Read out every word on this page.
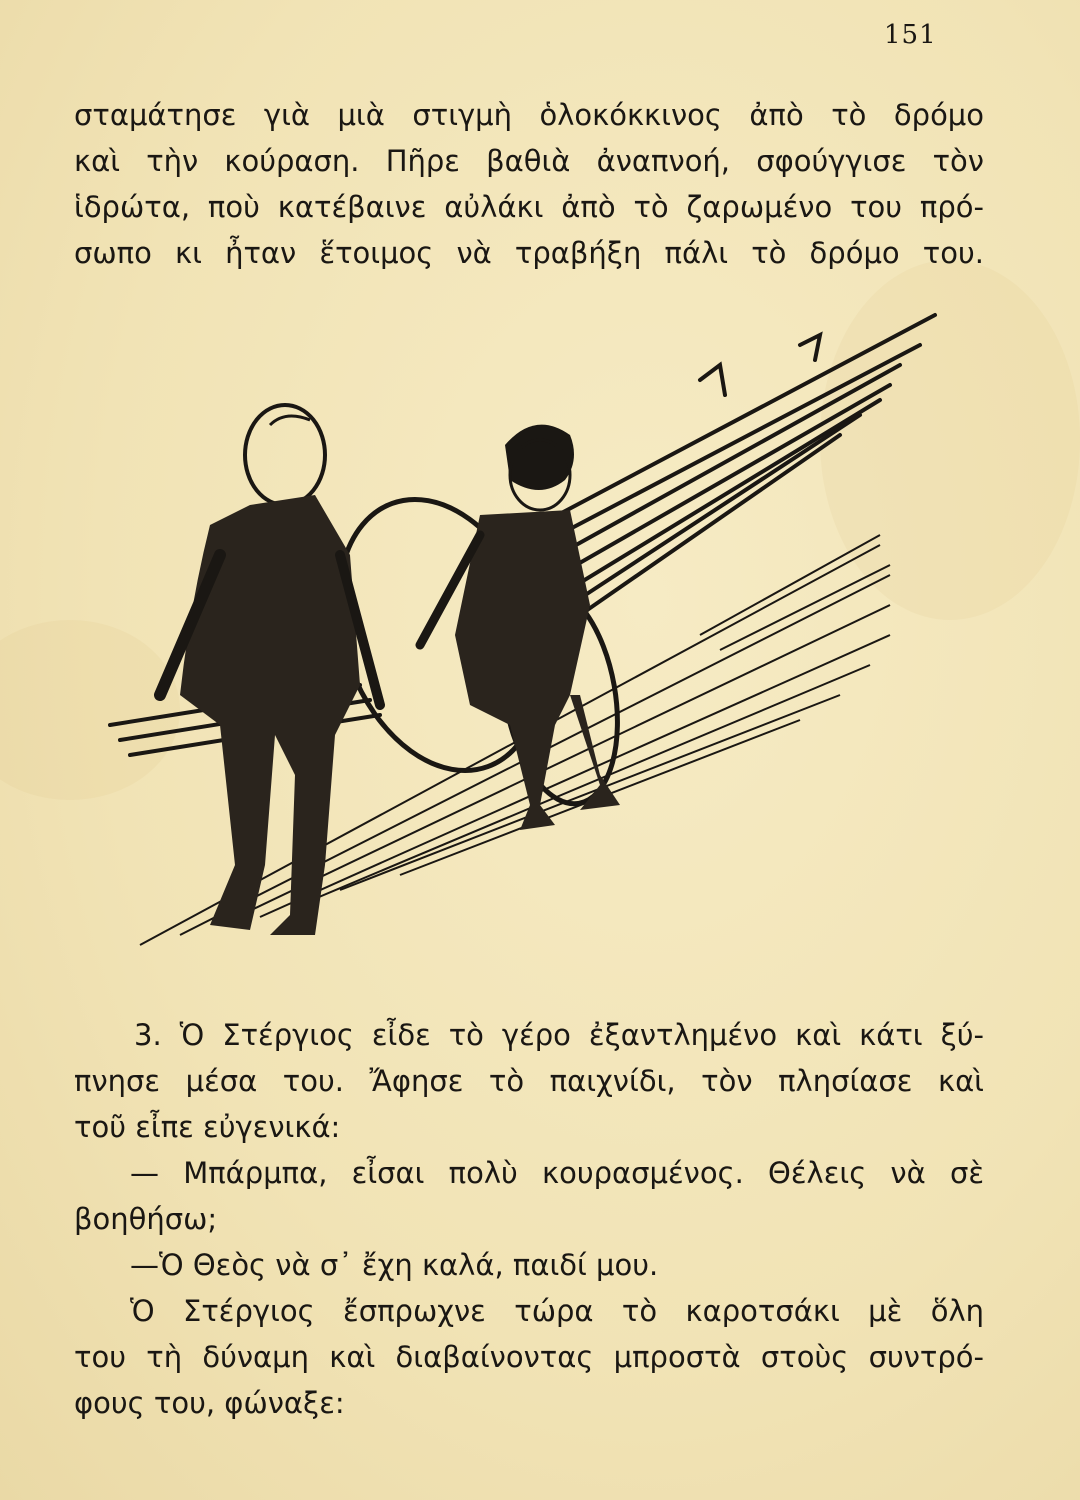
151
σταμάτησε γιὰ μιὰ στιγμὴ ὁλοκόκκινος ἀπὸ τὸ δρόμο
καὶ τὴν κούραση. Πῆρε βαθιὰ ἀναπνοή, σφούγγισε τὸν
ἱδρώτα, ποὺ κατέβαινε αὐλάκι ἀπὸ τὸ ζαρωμένο του πρό-
σωπο κι ἦταν ἕτοιμος νὰ τραβήξη πάλι τὸ δρόμο του.
3. Ὁ Στέργιος εἶδε τὸ γέρο ἐξαντλημένο καὶ κάτι ξύ-
πνησε μέσα του. Ἄφησε τὸ παιχνίδι, τὸν πλησίασε καὶ
τοῦ εἶπε εὐγενικά:
— Μπάρμπα, εἶσαι πολὺ κουρασμένος. Θέλεις νὰ σὲ
βοηθήσω;
—Ὁ Θεὸς νὰ σ᾽ ἔχη καλά, παιδί μου.
Ὁ Στέργιος ἔσπρωχνε τώρα τὸ καροτσάκι μὲ ὅλη
του τὴ δύναμη καὶ διαβαίνοντας μπροστὰ στοὺς συντρό-
φους του, φώναξε:
